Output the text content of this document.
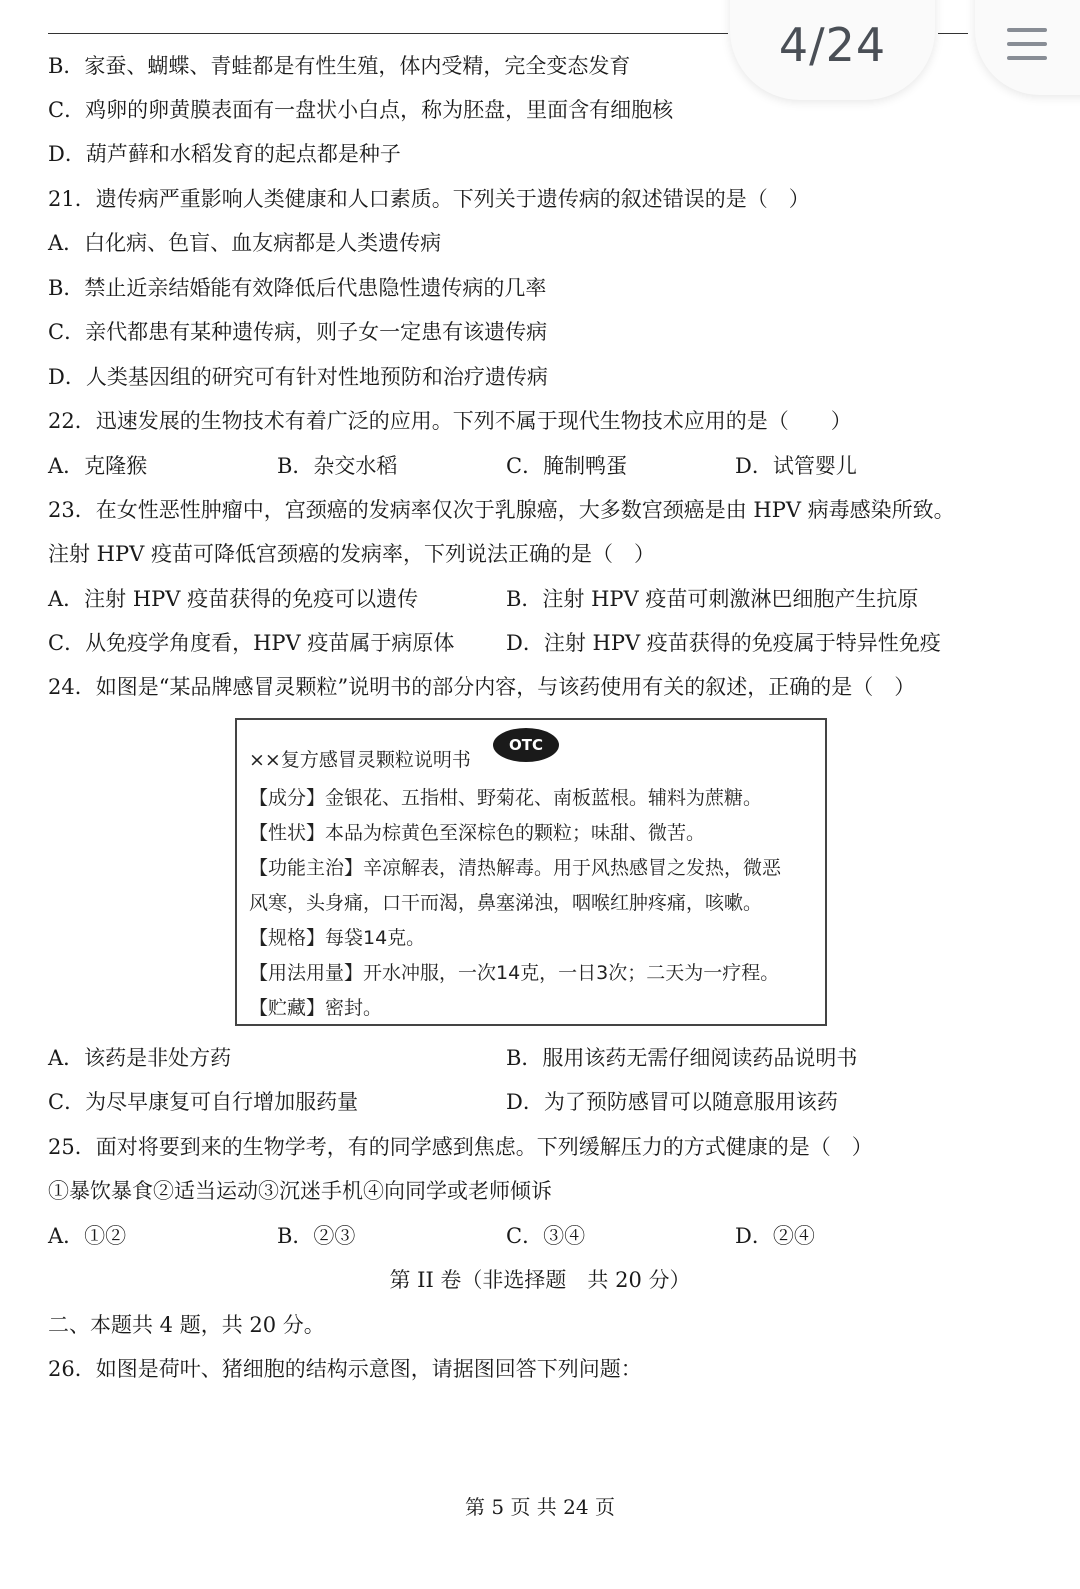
4/24
B．家蚕、蝴蝶、青蛙都是有性生殖，体内受精，完全变态发育
C．鸡卵的卵黄膜表面有一盘状小白点，称为胚盘，里面含有细胞核
D．葫芦藓和水稻发育的起点都是种子
21．遗传病严重影响人类健康和人口素质。下列关于遗传病的叙述错误的是（　）
A．白化病、色盲、血友病都是人类遗传病
B．禁止近亲结婚能有效降低后代患隐性遗传病的几率
C．亲代都患有某种遗传病，则子女一定患有该遗传病
D．人类基因组的研究可有针对性地预防和治疗遗传病
22．迅速发展的生物技术有着广泛的应用。下列不属于现代生物技术应用的是（　　）
A．克隆猴	B．杂交水稻	C．腌制鸭蛋	D．试管婴儿
23．在女性恶性肿瘤中，宫颈癌的发病率仅次于乳腺癌，大多数宫颈癌是由 HPV 病毒感染所致。
注射 HPV 疫苗可降低宫颈癌的发病率，下列说法正确的是（　）
A．注射 HPV 疫苗获得的免疫可以遗传	B．注射 HPV 疫苗可刺激淋巴细胞产生抗原
C．从免疫学角度看，HPV 疫苗属于病原体 D．注射 HPV 疫苗获得的免疫属于特异性免疫
24．如图是“某品牌感冒灵颗粒”说明书的部分内容，与该药使用有关的叙述，正确的是（　）
××复方感冒灵颗粒说明书
OTC
【成分】金银花、五指柑、野菊花、南板蓝根。辅料为蔗糖。
【性状】本品为棕黄色至深棕色的颗粒；味甜、微苦。
【功能主治】辛凉解表，清热解毒。用于风热感冒之发热，微恶
风寒，头身痛，口干而渴，鼻塞涕浊，咽喉红肿疼痛，咳嗽。
【规格】每袋14克。
【用法用量】开水冲服，一次14克，一日3次；二天为一疗程。
【贮藏】密封。
A．该药是非处方药	B．服用该药无需仔细阅读药品说明书
C．为尽早康复可自行增加服药量	D．为了预防感冒可以随意服用该药
25．面对将要到来的生物学考，有的同学感到焦虑。下列缓解压力的方式健康的是（　）
①暴饮暴食②适当运动③沉迷手机④向同学或老师倾诉
A．①②	B．②③	C．③④	D．②④
第 II 卷（非选择题　共 20 分）
二、本题共 4 题，共 20 分。
26．如图是荷叶、猪细胞的结构示意图，请据图回答下列问题：
第 5 页 共 24 页
